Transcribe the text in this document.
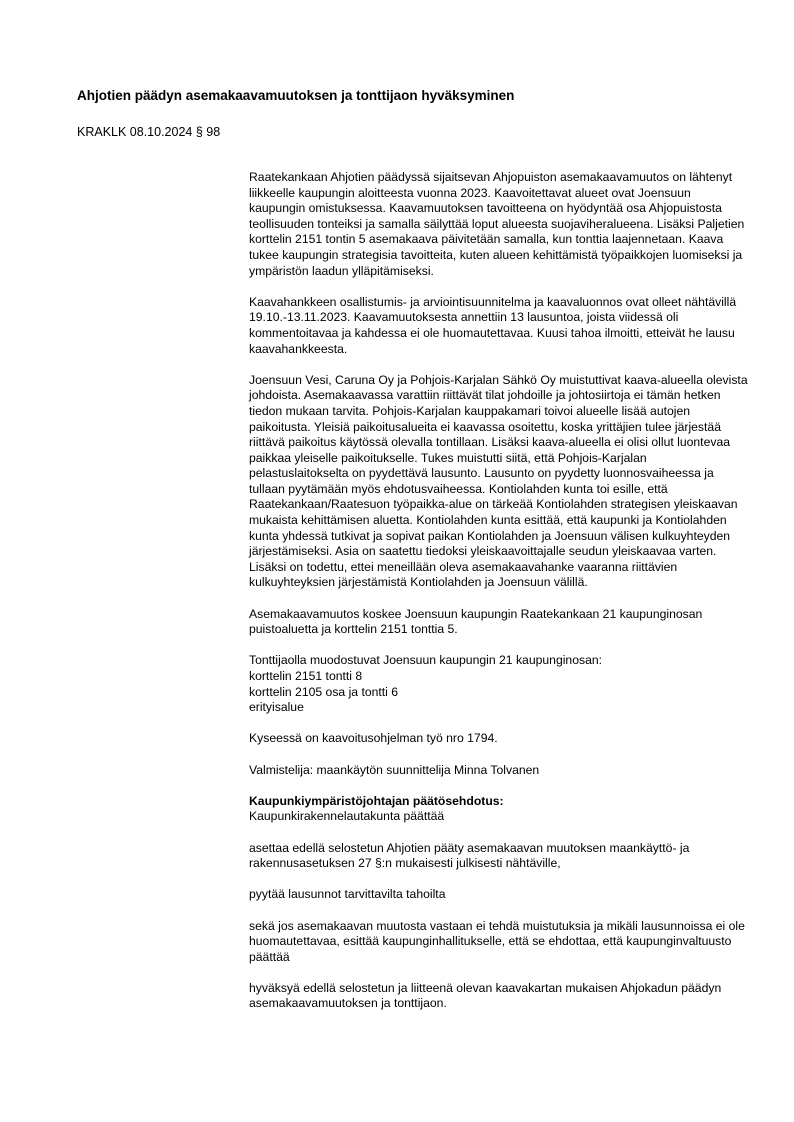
Ahjotien päädyn asemakaavamuutoksen ja tonttijaon hyväksyminen

KRAKLK 08.10.2024 § 98

Raatekankaan Ahjotien päädyssä sijaitsevan Ahjopuiston asemakaavamuutos on lähtenyt liikkeelle kaupungin aloitteesta vuonna 2023. Kaavoitettavat alueet ovat Joensuun kaupungin omistuksessa. Kaavamuutoksen tavoitteena on hyödyntää osa Ahjopuistosta teollisuuden tonteiksi ja samalla säilyttää loput alueesta suojaviheralueena. Lisäksi Paljetien korttelin 2151 tontin 5 asemakaava päivitetään samalla, kun tonttia laajennetaan. Kaava tukee kaupungin strategisia tavoitteita, kuten alueen kehittämistä työpaikkojen luomiseksi ja ympäristön laadun ylläpitämiseksi.

Kaavahankkeen osallistumis- ja arviointisuunnitelma ja kaavaluonnos ovat olleet nähtävillä 19.10.-13.11.2023. Kaavamuutoksesta annettiin 13 lausuntoa, joista viidessä oli kommentoitavaa ja kahdessa ei ole huomautettavaa. Kuusi tahoa ilmoitti, etteivät he lausu kaavahankkeesta.

Joensuun Vesi, Caruna Oy ja Pohjois-Karjalan Sähkö Oy muistuttivat kaava-alueella olevista johdoista. Asemakaavassa varattiin riittävät tilat johdoille ja johtosiirtoja ei tämän hetken tiedon mukaan tarvita. Pohjois-Karjalan kauppakamari toivoi alueelle lisää autojen paikoitusta. Yleisiä paikoitusalueita ei kaavassa osoitettu, koska yrittäjien tulee järjestää riittävä paikoitus käytössä olevalla tontillaan. Lisäksi kaava-alueella ei olisi ollut luontevaa paikkaa yleiselle paikoitukselle. Tukes muistutti siitä, että Pohjois-Karjalan pelastuslaitokselta on pyydettävä lausunto. Lausunto on pyydetty luonnosvaiheessa ja tullaan pyytämään myös ehdotusvaiheessa. Kontiolahden kunta toi esille, että Raatekankaan/Raatesuon työpaikka-alue on tärkeää Kontiolahden strategisen yleiskaavan mukaista kehittämisen aluetta. Kontiolahden kunta esittää, että kaupunki ja Kontiolahden kunta yhdessä tutkivat ja sopivat paikan Kontiolahden ja Joensuun välisen kulkuyhteyden järjestämiseksi. Asia on saatettu tiedoksi yleiskaavoittajalle seudun yleiskaavaa varten. Lisäksi on todettu, ettei meneillään oleva asemakaavahanke vaaranna riittävien kulkuyhteyksien järjestämistä Kontiolahden ja Joensuun välillä.

Asemakaavamuutos koskee Joensuun kaupungin Raatekankaan 21 kaupunginosan puistoaluetta ja korttelin 2151 tonttia 5.

Tonttijaolla muodostuvat Joensuun kaupungin 21 kaupunginosan:
korttelin 2151 tontti 8
korttelin 2105 osa ja tontti 6
erityisalue

Kyseessä on kaavoitusohjelman työ nro 1794.

Valmistelija: maankäytön suunnittelija Minna Tolvanen

Kaupunkiympäristöjohtajan päätösehdotus:
Kaupunkirakennelautakunta päättää

asettaa edellä selostetun Ahjotien pääty asemakaavan muutoksen maankäyttö- ja rakennusasetuksen 27 §:n mukaisesti julkisesti nähtäville,

pyytää lausunnot tarvittavilta tahoilta

sekä jos asemakaavan muutosta vastaan ei tehdä muistutuksia ja mikäli lausunnoissa ei ole huomautettavaa, esittää kaupunginhallitukselle, että se ehdottaa, että kaupunginvaltuusto päättää

hyväksyä edellä selostetun ja liitteenä olevan kaavakartan mukaisen Ahjokadun päädyn asemakaavamuutoksen ja tonttijaon.
